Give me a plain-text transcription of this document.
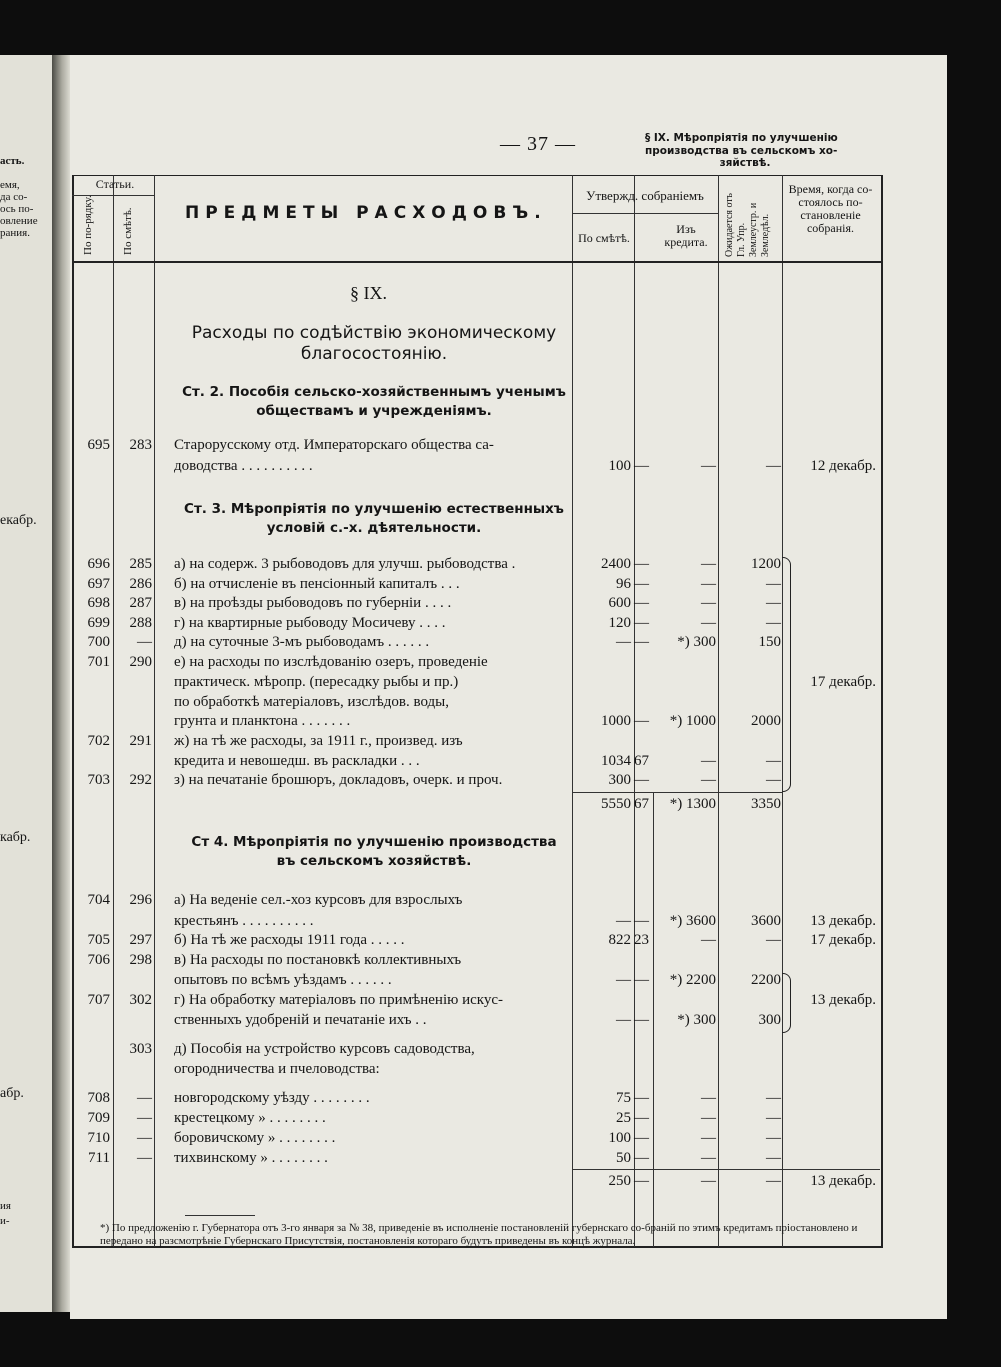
асть.
емя,
да со-
ось по-
овление
рания.
екабр.
кабр.
абр.
ия
и-
— 37 —	§ IX. Мѣропріятія по улучшенію
производства въ сельскомъ хо-
зяйствѣ.
Статьи.
По по-рядку.	По смѣтѣ.	ПРЕДМЕТЫ РАСХОДОВЪ.
Утвержд. собраніемъ
По смѣтѣ.
Изъ кредита.	Ожидается отъ Гл. Упр. Землеустр. и Земледѣл.
Время, когда со-стоялось по-становленіе собранія.
§ IX.
Расходы по содѣйствію экономическому
благосостоянію.
Ст. 2. Пособія сельско-хозяйственнымъ ученымъ
обществамъ и учрежденіямъ.
Ст. 3. Мѣропріятія по улучшенію естественныхъ
условій с.-х. дѣятельности.
Ст 4. Мѣропріятія по улучшенію производства
въ сельскомъ хозяйствѣ.
695	283 Старорусскому отд. Императорскаго общества са-
доводства . . . . . . . . . .	100 —	—	—	12 декабр.
696	285 а) на содерж. 3 рыбоводовъ для улучш. рыбоводства .	2400 —	—	1200
697	286 б) на отчисленіе въ пенсіонный капиталъ . . .	96 —	—	—
698	287 в) на проѣзды рыбоводовъ по губерніи . . . .	600 —	—	—
699	288 г) на квартирные рыбоводу Мосичеву . . . .	120 —	—	—
700	— д) на суточные 3-мъ рыбоводамъ . . . . . .	— —	*) 300	150
701	290 е) на расходы по изслѣдованію озеръ, проведеніе
практическ. мѣропр. (пересадку рыбы и пр.)	17 декабр.
по обработкѣ матеріаловъ, изслѣдов. воды,
грунта и планктона . . . . . . .	1000 —	*) 1000	2000
702	291 ж) на тѣ же расходы, за 1911 г., произвед. изъ
кредита и невошедш. въ раскладки . . .	1034 67	—	—
703	292 з) на печатаніе брошюръ, докладовъ, очерк. и проч.	300 —	—	—
5550 67	*) 1300	3350
704	296 а) На веденіе сел.-хоз курсовъ для взрослыхъ
крестьянъ . . . . . . . . . .	— —	*) 3600	3600	13 декабр.
705	297 б) На тѣ же расходы 1911 года . . . . .	822 23	—	—	17 декабр.
706	298 в) На расходы по постановкѣ коллективныхъ
опытовъ по всѣмъ уѣздамъ . . . . . .	— —	*) 2200	2200
707	302 г) На обработку матеріаловъ по примѣненію искус-	13 декабр.
ственныхъ удобреній и печатаніе ихъ . .	— —	*) 300	300
303 д) Пособія на устройство курсовъ садоводства,
огородничества и пчеловодства:
708	— новгородскому уѣзду . . . . . . . .	75 —	—	—
709	— крестецкому » . . . . . . . .	25 —	—	—
710	— боровичскому » . . . . . . . .	100 —	—	—
711	— тихвинскому » . . . . . . . .	50 —	—	—
250 —	—	—	13 декабр.
*) По предложенію г. Губернатора отъ 3-го января за № 38, приведеніе въ исполненіе постановленій губернскаго со-браній по этимъ кредитамъ пріостановлено и передано на разсмотрѣніе Губернскаго Присутствія, постановленія котораго будутъ приведены въ концѣ журнала.
